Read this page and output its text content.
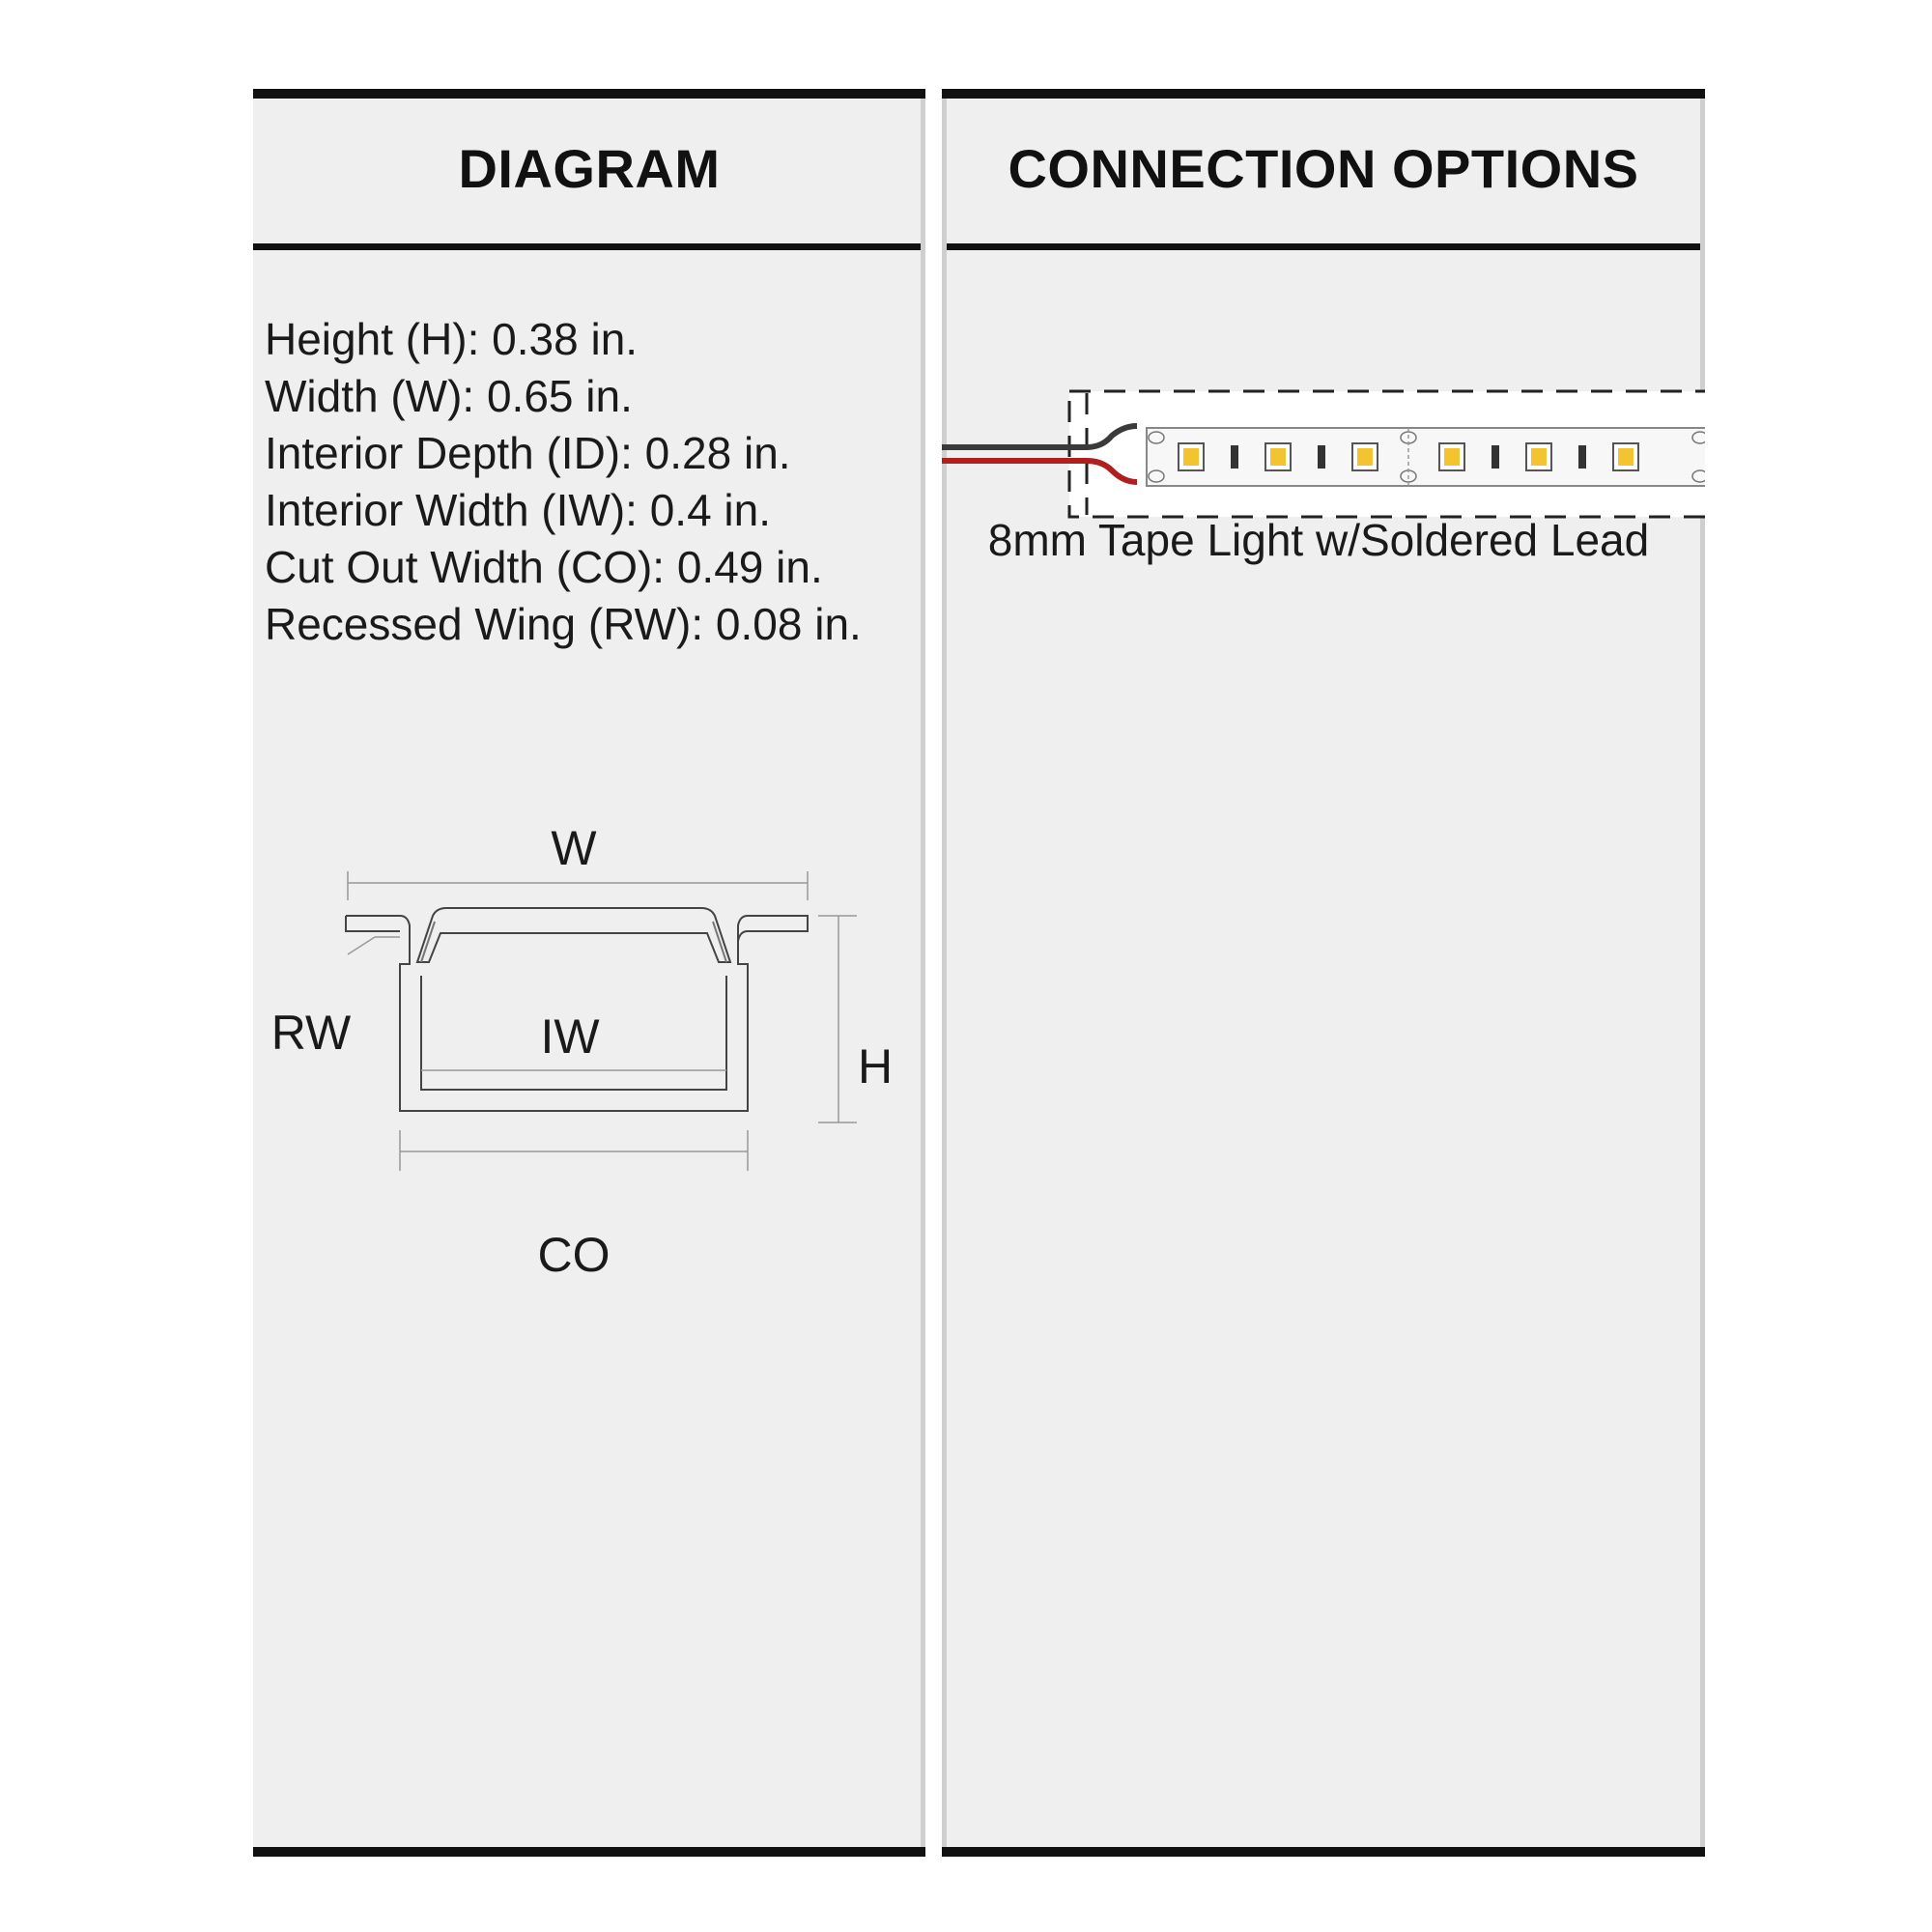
DIAGRAM
Height (H): 0.38 in.
Width (W): 0.65 in.
Interior Depth (ID): 0.28 in.
Interior Width (IW): 0.4 in.
Cut Out Width (CO): 0.49 in.
Recessed Wing (RW): 0.08 in.
W
RW	IW
H
CO
CONNECTION OPTIONS
8mm Tape Light w/Soldered Lead
